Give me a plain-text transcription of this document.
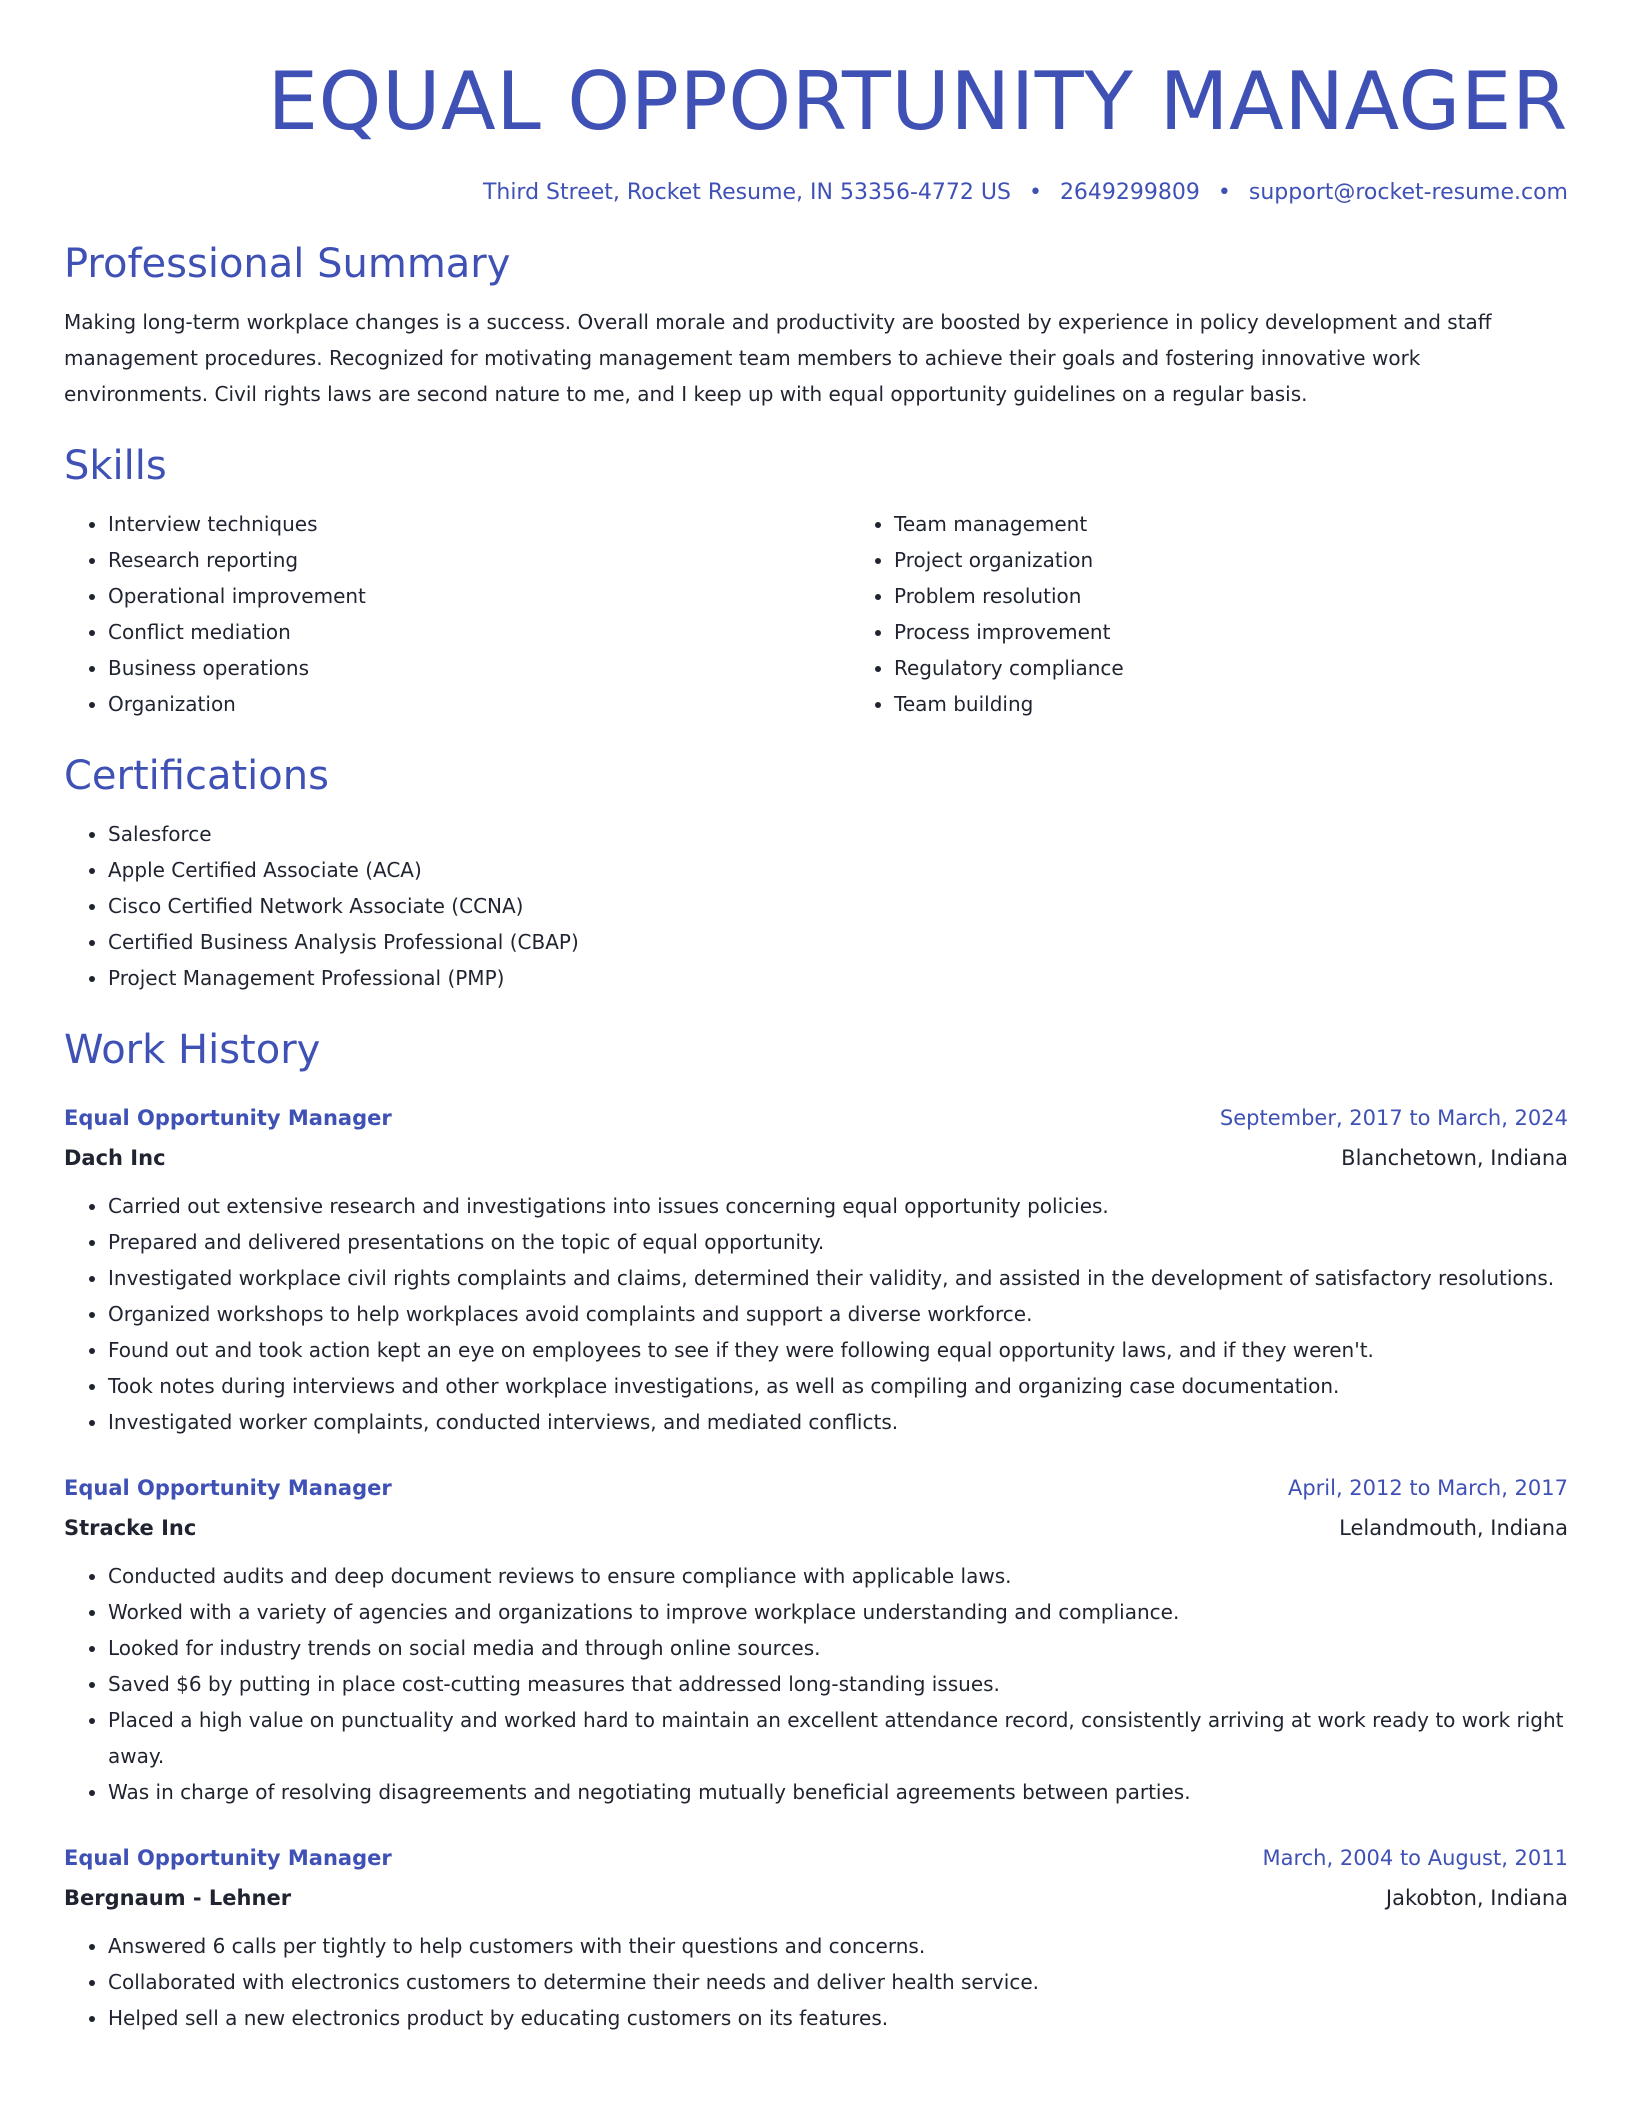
EQUAL OPPORTUNITY MANAGER
Third Street, Rocket Resume, IN 53356-4772 US • 2649299809 • support@rocket-resume.com
Professional Summary
Making long-term workplace changes is a success. Overall morale and productivity are boosted by experience in policy development and staff management procedures. Recognized for motivating management team members to achieve their goals and fostering innovative work environments. Civil rights laws are second nature to me, and I keep up with equal opportunity guidelines on a regular basis.
Skills
• Interview techniques
• Research reporting
• Operational improvement
• Conflict mediation
• Business operations
• Organization
• Team management
• Project organization
• Problem resolution
• Process improvement
• Regulatory compliance
• Team building
Certifications
• Salesforce
• Apple Certified Associate (ACA)
• Cisco Certified Network Associate (CCNA)
• Certified Business Analysis Professional (CBAP)
• Project Management Professional (PMP)
Work History
Equal Opportunity Manager	September, 2017 to March, 2024
Dach Inc	Blanchetown, Indiana
• Carried out extensive research and investigations into issues concerning equal opportunity policies.
• Prepared and delivered presentations on the topic of equal opportunity.
• Investigated workplace civil rights complaints and claims, determined their validity, and assisted in the development of satisfactory resolutions.
• Organized workshops to help workplaces avoid complaints and support a diverse workforce.
• Found out and took action kept an eye on employees to see if they were following equal opportunity laws, and if they weren't.
• Took notes during interviews and other workplace investigations, as well as compiling and organizing case documentation.
• Investigated worker complaints, conducted interviews, and mediated conflicts.
Equal Opportunity Manager	April, 2012 to March, 2017
Stracke Inc	Lelandmouth, Indiana
• Conducted audits and deep document reviews to ensure compliance with applicable laws.
• Worked with a variety of agencies and organizations to improve workplace understanding and compliance.
• Looked for industry trends on social media and through online sources.
• Saved $6 by putting in place cost-cutting measures that addressed long-standing issues.
• Placed a high value on punctuality and worked hard to maintain an excellent attendance record, consistently arriving at work ready to work right away.
• Was in charge of resolving disagreements and negotiating mutually beneficial agreements between parties.
Equal Opportunity Manager	March, 2004 to August, 2011
Bergnaum - Lehner	Jakobton, Indiana
• Answered 6 calls per tightly to help customers with their questions and concerns.
• Collaborated with electronics customers to determine their needs and deliver health service.
• Helped sell a new electronics product by educating customers on its features.
